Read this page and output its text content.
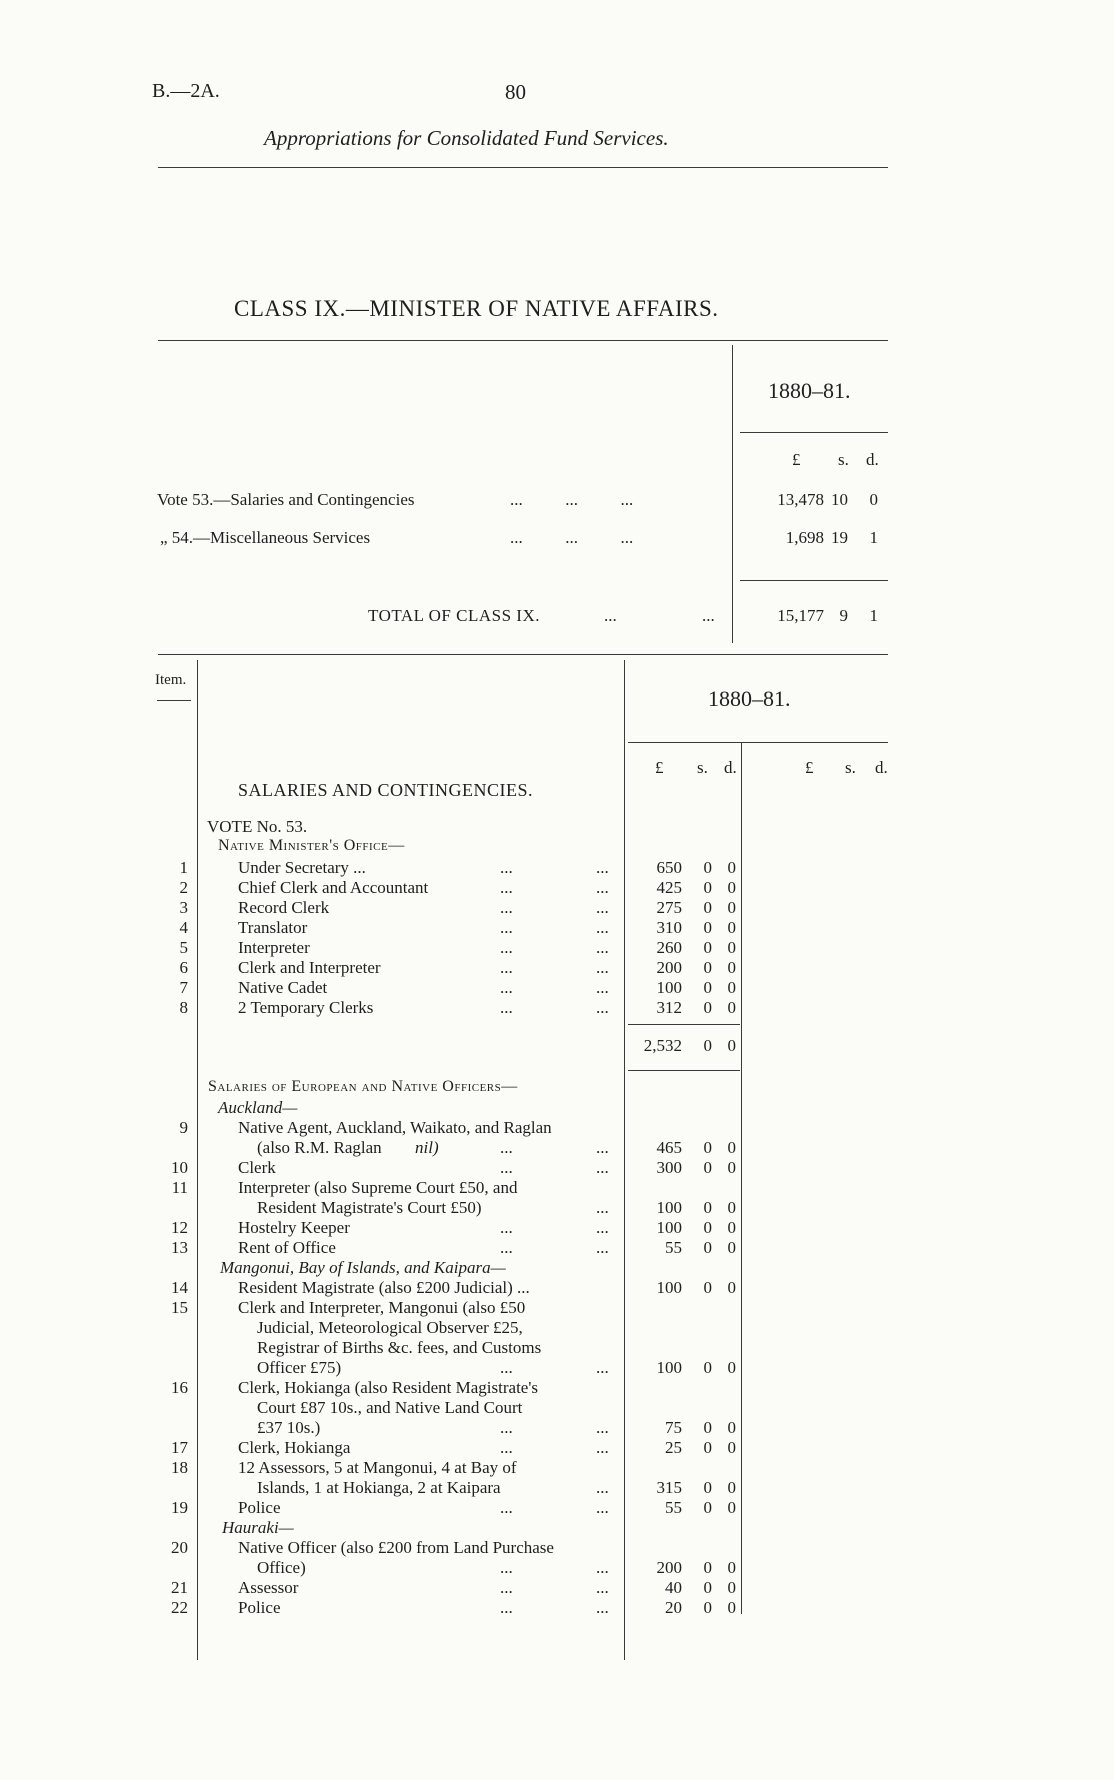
B.—2A.	80
Appropriations for Consolidated Fund Services.
CLASS IX.—MINISTER OF NATIVE AFFAIRS.
1880–81.
£ s. d.
Vote 53.—Salaries and Contingencies	...          ...          ...	13,478 10	0
„ 54.—Miscellaneous Services	...          ...          ...	1,698 19	1
TOTAL OF CLASS IX.	...	...	15,177 9	1
Item.
1880–81.
£ s. d.	£ s. d.
SALARIES AND CONTINGENCIES.
VOTE No. 53.
Native Minister's Office—
1	Under Secretary ...	...	...	650	0 0
2	Chief Clerk and Accountant	...	...	425	0 0
3	Record Clerk	...	...	275	0 0
4	Translator	...	...	310	0 0
5	Interpreter	...	...	260	0 0
6	Clerk and Interpreter	...	...	200	0 0
7	Native Cadet	...	...	100	0 0
8	2 Temporary Clerks	...	...	312	0 0
2,532	0 0
Salaries of European and Native Officers—
Auckland—
9	Native Agent, Auckland, Waikato, and Raglan
(also R.M. Raglan nil)	...	...	465	0 0
10	Clerk	...	...	300	0 0
11	Interpreter (also Supreme Court £50, and
Resident Magistrate's Court £50)	...	100	0 0
12	Hostelry Keeper	...	...	100	0 0
13	Rent of Office	...	...	55	0 0
Mangonui, Bay of Islands, and Kaipara—
14	Resident Magistrate (also £200 Judicial) ...	100	0 0
15	Clerk and Interpreter, Mangonui (also £50
Judicial, Meteorological Observer £25,
Registrar of Births &c. fees, and Customs
Officer £75)	...	...	100	0 0
16	Clerk, Hokianga (also Resident Magistrate's
Court £87 10s., and Native Land Court
£37 10s.)	...	...	75	0 0
17	Clerk, Hokianga	...	...	25	0 0
18	12 Assessors, 5 at Mangonui, 4 at Bay of
Islands, 1 at Hokianga, 2 at Kaipara	...	315	0 0
19	Police	...	...	55	0 0
Hauraki—
20	Native Officer (also £200 from Land Purchase
Office)	...	...	200	0 0
21	Assessor	...	...	40	0 0
22	Police	...	...	20	0 0
